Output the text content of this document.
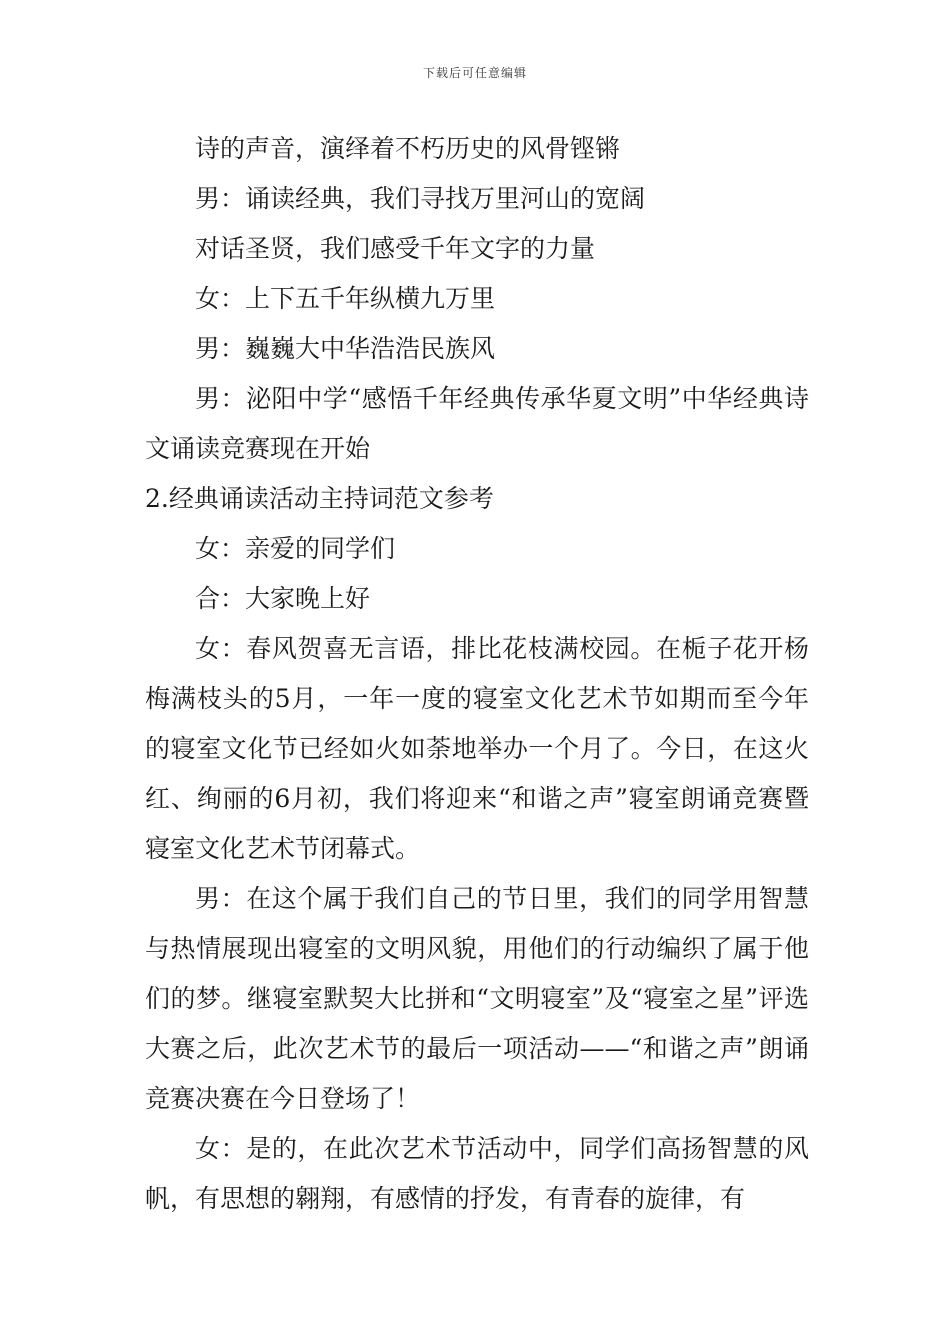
下载后可任意编辑

诗的声音，演绎着不朽历史的风骨铿锵

男：诵读经典，我们寻找万里河山的宽阔

对话圣贤，我们感受千年文字的力量

女：上下五千年纵横九万里

男：巍巍大中华浩浩民族风

男：泌阳中学“感悟千年经典传承华夏文明”中华经典诗文诵读竞赛现在开始

2.经典诵读活动主持词范文参考

女：亲爱的同学们

合：大家晚上好

女：春风贺喜无言语，排比花枝满校园。在栀子花开杨梅满枝头的5月，一年一度的寝室文化艺术节如期而至今年的寝室文化节已经如火如荼地举办一个月了。今日，在这火红、绚丽的6月初，我们将迎来“和谐之声”寝室朗诵竞赛暨寝室文化艺术节闭幕式。

男：在这个属于我们自己的节日里，我们的同学用智慧与热情展现出寝室的文明风貌，用他们的行动编织了属于他们的梦。继寝室默契大比拼和“文明寝室”及“寝室之星”评选大赛之后，此次艺术节的最后一项活动——“和谐之声”朗诵竞赛决赛在今日登场了！

女：是的，在此次艺术节活动中，同学们高扬智慧的风帆，有思想的翱翔，有感情的抒发，有青春的旋律，有
